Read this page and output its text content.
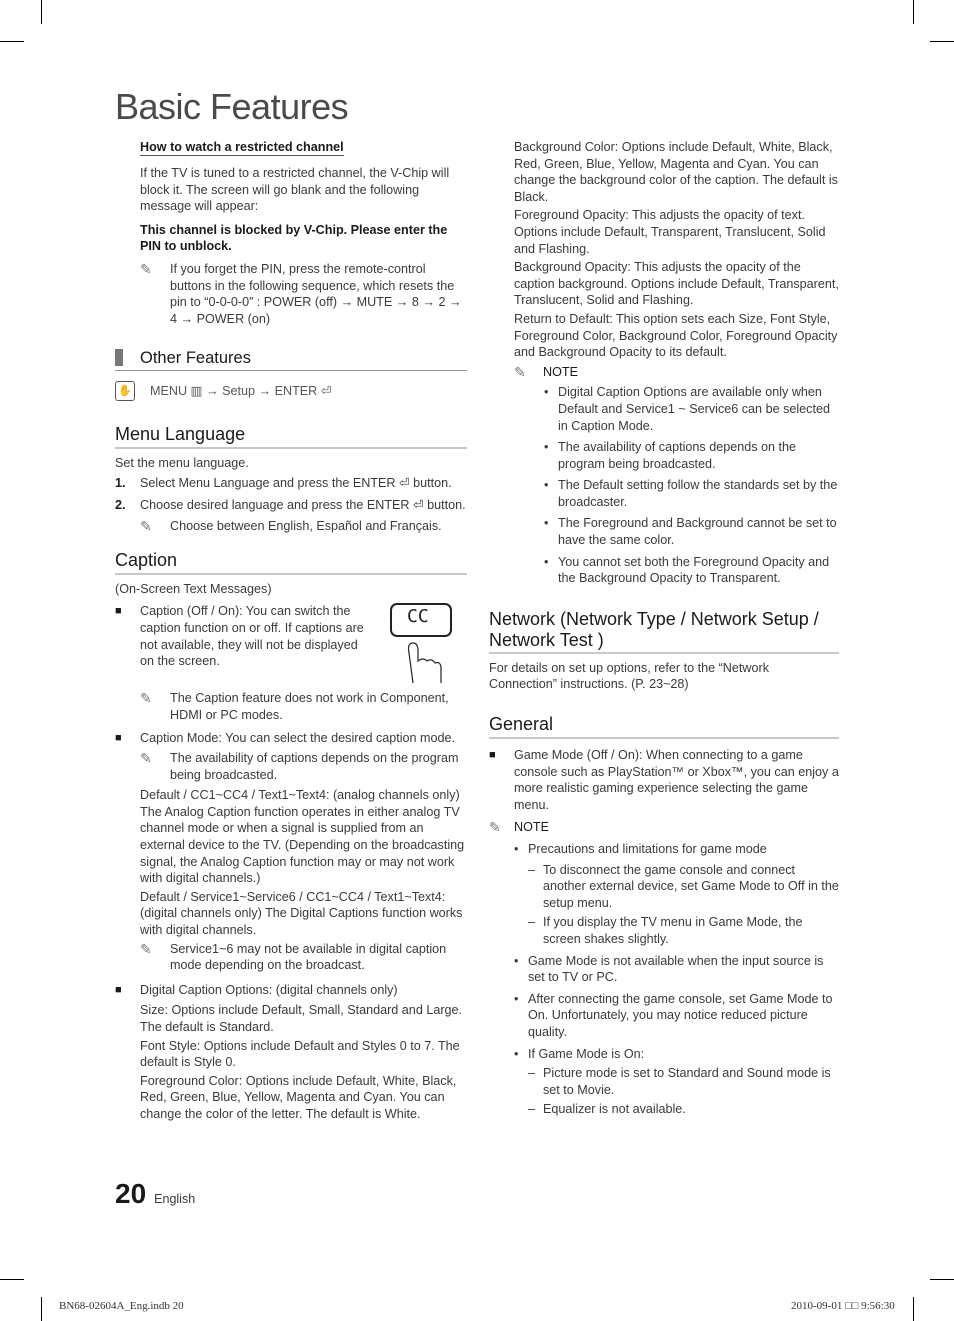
Basic Features
How to watch a restricted channel

If the TV is tuned to a restricted channel, the V-Chip will block it. The screen will go blank and the following message will appear:

This channel is blocked by V-Chip. Please enter the PIN to unblock.

✎	If you forget the PIN, press the remote-control buttons in the following sequence, which resets the pin to “0-0-0-0” : POWER (off) → MUTE → 8 → 2 → 4 → POWER (on)

Other Features
✋	MENU ▥ → Setup → ENTER ⏎
Menu Language

Set the menu language.

1.	Select Menu Language and press the ENTER ⏎ button.

2.	Choose desired language and press the ENTER ⏎ button.

✎	Choose between English, Español and Français.

Caption

(On-Screen Text Messages)

■	Caption (Off / On): You can switch the caption function on or off. If captions are not available, they will not be displayed on the screen.

CC
✎	The Caption feature does not work in Component, HDMI or PC modes.

■	Caption Mode: You can select the desired caption mode.

✎	The availability of captions depends on the program being broadcasted.

Default / CC1~CC4 / Text1~Text4: (analog channels only) The Analog Caption function operates in either analog TV channel mode or when a signal is supplied from an external device to the TV. (Depending on the broadcasting signal, the Analog Caption function may or may not work with digital channels.)

Default / Service1~Service6 / CC1~CC4 / Text1~Text4: (digital channels only) The Digital Captions function works with digital channels.

✎	Service1~6 may not be available in digital caption mode depending on the broadcast.

■	Digital Caption Options: (digital channels only)

Size: Options include Default, Small, Standard and Large. The default is Standard.

Font Style: Options include Default and Styles 0 to 7. The default is Style 0.

Foreground Color: Options include Default, White, Black, Red, Green, Blue, Yellow, Magenta and Cyan. You can change the color of the letter. The default is White.

Background Color: Options include Default, White, Black, Red, Green, Blue, Yellow, Magenta and Cyan. You can change the background color of the caption. The default is Black.

Foreground Opacity: This adjusts the opacity of text. Options include Default, Transparent, Translucent, Solid and Flashing.

Background Opacity: This adjusts the opacity of the caption background. Options include Default, Transparent, Translucent, Solid and Flashing.

Return to Default: This option sets each Size, Font Style, Foreground Color, Background Color, Foreground Opacity and Background Opacity to its default.

✎	NOTE
• Digital Caption Options are available only when Default and Service1 ~ Service6 can be selected in Caption Mode.

• The availability of captions depends on the program being broadcasted.

• The Default setting follow the standards set by the broadcaster.

• The Foreground and Background cannot be set to have the same color.

• You cannot set both the Foreground Opacity and the Background Opacity to Transparent.

Network (Network Type / Network Setup / Network Test )

For details on set up options, refer to the “Network Connection” instructions. (P. 23~28)

General
■	Game Mode (Off / On): When connecting to a game console such as PlayStation™ or Xbox™, you can enjoy a more realistic gaming experience selecting the game menu.

✎	NOTE
• Precautions and limitations for game mode

– To disconnect the game console and connect another external device, set Game Mode to Off in the setup menu.

– If you display the TV menu in Game Mode, the screen shakes slightly.

• Game Mode is not available when the input source is set to TV or PC.

• After connecting the game console, set Game Mode to On. Unfortunately, you may notice reduced picture quality.

• If Game Mode is On:

– Picture mode is set to Standard and Sound mode is set to Movie.

– Equalizer is not available.

20 English
BN68-02604A_Eng.indb 20	2010-09-01 □□ 9:56:30
